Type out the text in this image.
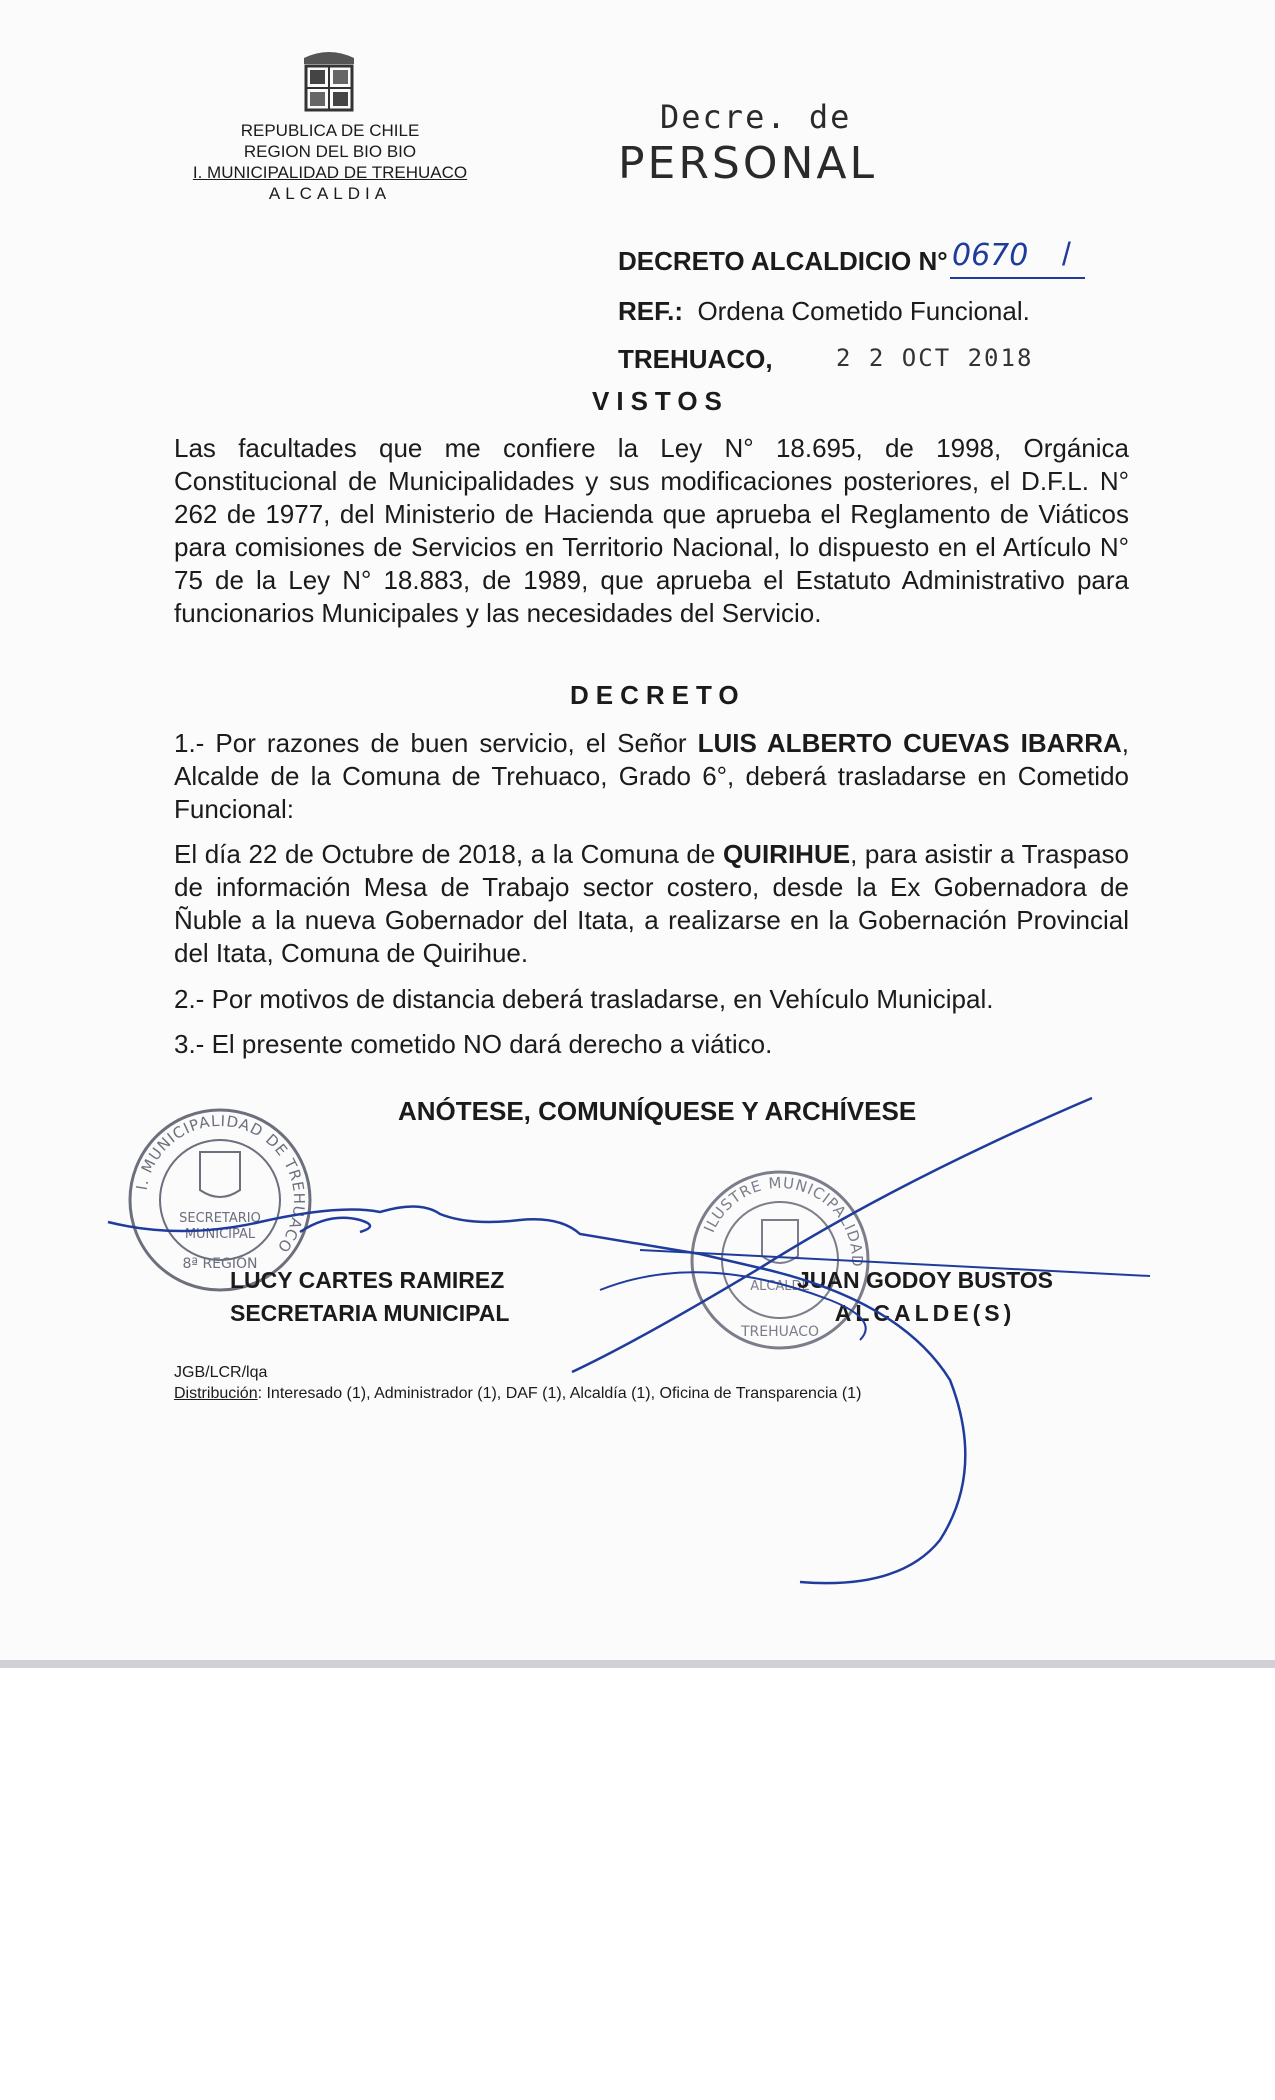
REPUBLICA DE CHILE
REGION DEL BIO BIO
I. MUNICIPALIDAD DE TREHUACO
ALCALDIA
Decre. de
PERSONAL
DECRETO ALCALDICIO N° 0670 /
REF.: Ordena Cometido Funcional.
TREHUACO,	2 2 OCT 2018
VISTOS
Las facultades que me confiere la Ley N° 18.695, de 1998, Orgánica Constitucional de Municipalidades y sus modificaciones posteriores, el D.F.L. N° 262 de 1977, del Ministerio de Hacienda que aprueba el Reglamento de Viáticos para comisiones de Servicios en Territorio Nacional, lo dispuesto en el Artículo N° 75 de la Ley N° 18.883, de 1989, que aprueba el Estatuto Administrativo para funcionarios Municipales y las necesidades del Servicio.
DECRETO
1.- Por razones de buen servicio, el Señor LUIS ALBERTO CUEVAS IBARRA, Alcalde de la Comuna de Trehuaco, Grado 6°, deberá trasladarse en Cometido Funcional:
El día 22 de Octubre de 2018, a la Comuna de QUIRIHUE, para asistir a Traspaso de información Mesa de Trabajo sector costero, desde la Ex Gobernadora de Ñuble a la nueva Gobernador del Itata, a realizarse en la Gobernación Provincial del Itata, Comuna de Quirihue.
2.- Por motivos de distancia deberá trasladarse, en Vehículo Municipal.
3.- El presente cometido NO dará derecho a viático.
ANÓTESE, COMUNÍQUESE Y ARCHÍVESE
I. MUNICIPALIDAD DE TREHUACO
SECRETARIO
MUNICIPAL
8ª REGION
ILUSTRE MUNICIPALIDAD
ALCALDE
TREHUACO
LUCY CARTES RAMIREZ
SECRETARIA MUNICIPAL
JUAN GODOY BUSTOS
ALCALDE(S)
JGB/LCR/lqa
Distribución: Interesado (1), Administrador (1), DAF (1), Alcaldía (1), Oficina de Transparencia (1)
